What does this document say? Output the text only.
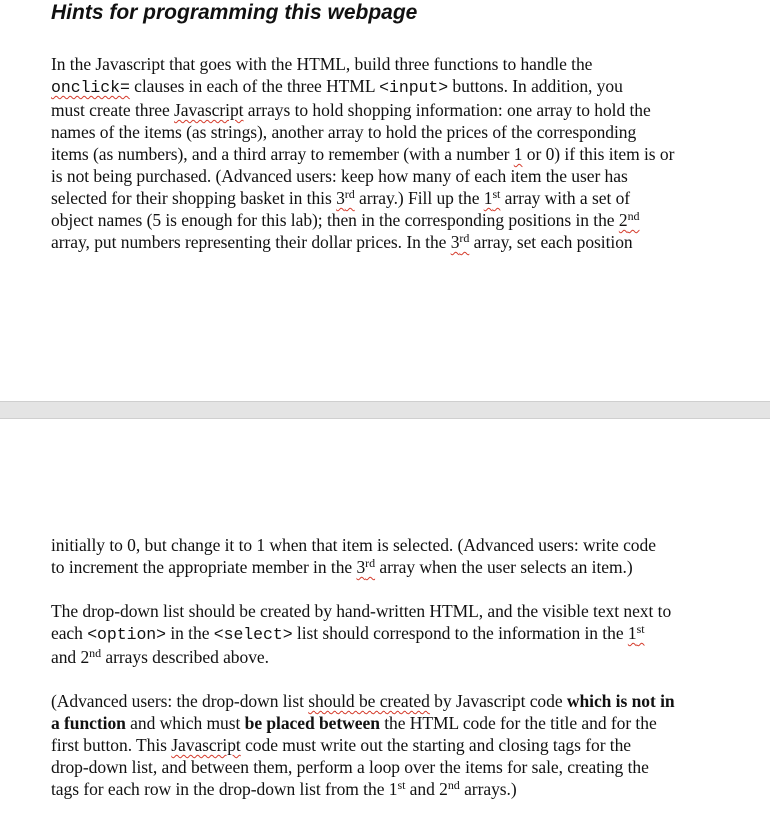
Hints for programming this webpage

In the Javascript that goes with the HTML, build three functions to handle the
onclick= clauses in each of the three HTML <input> buttons. In addition, you
must create three Javascript arrays to hold shopping information: one array to hold the
names of the items (as strings), another array to hold the prices of the corresponding
items (as numbers), and a third array to remember (with a number 1 or 0) if this item is or
is not being purchased. (Advanced users: keep how many of each item the user has
selected for their shopping basket in this 3rd array.) Fill up the 1st array with a set of
object names (5 is enough for this lab); then in the corresponding positions in the 2nd
array, put numbers representing their dollar prices. In the 3rd array, set each position

initially to 0, but change it to 1 when that item is selected. (Advanced users: write code
to increment the appropriate member in the 3rd array when the user selects an item.)

The drop-down list should be created by hand-written HTML, and the visible text next to
each <option> in the <select> list should correspond to the information in the 1st
and 2nd arrays described above.

(Advanced users: the drop-down list should be created by Javascript code which is not in
a function and which must be placed between the HTML code for the title and for the
first button. This Javascript code must write out the starting and closing tags for the
drop-down list, and between them, perform a loop over the items for sale, creating the
tags for each row in the drop-down list from the 1st and 2nd arrays.)
